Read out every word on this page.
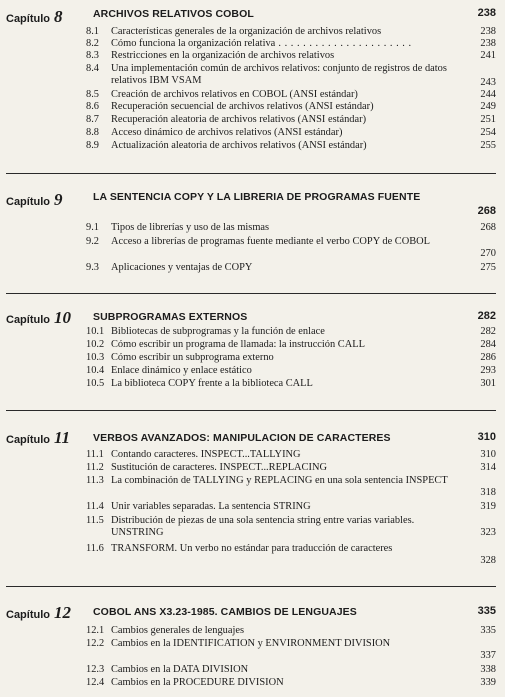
Capítulo 8	ARCHIVOS RELATIVOS COBOL	238
8.1	Características generales de la organización de archivos relativos	238
8.2	Cómo funciona la organización relativa . . .	238
8.3	Restricciones en la organización de archivos relativos	241
8.4	Una implementación común de archivos relativos: conjunto de registros de datos relativos IBM VSAM	243
8.5	Creación de archivos relativos en COBOL (ANSI estándar)	244
8.6	Recuperación secuencial de archivos relativos (ANSI estándar)	249
8.7	Recuperación aleatoria de archivos relativos (ANSI estándar)	251
8.8	Acceso dinámico de archivos relativos (ANSI estándar)	254
8.9	Actualización aleatoria de archivos relativos (ANSI estándar)	255
Capítulo 9	LA SENTENCIA COPY Y LA LIBRERIA DE PROGRAMAS FUENTE
268
9.1	Tipos de librerías y uso de las mismas	268
9.2	Acceso a librerías de programas fuente mediante el verbo COPY de COBOL
270
9.3	Aplicaciones y ventajas de COPY	275
Capítulo 10 SUBPROGRAMAS EXTERNOS	282
10.1 Bibliotecas de subprogramas y la función de enlace	282
10.2 Cómo escribir un programa de llamada: la instrucción CALL	284
10.3 Cómo escribir un subprograma externo	286
10.4 Enlace dinámico y enlace estático	293
10.5 La biblioteca COPY frente a la biblioteca CALL	301
Capítulo 11 VERBOS AVANZADOS: MANIPULACION DE CARACTERES	310
11.1 Contando caracteres. INSPECT...TALLYING	310
11.2 Sustitución de caracteres. INSPECT...REPLACING	314
11.3 La combinación de TALLYING y REPLACING en una sola sentencia INSPECT
318
11.4 Unir variables separadas. La sentencia STRING	319
11.5 Distribución de piezas de una sola sentencia string entre varias variables. UNSTRING	323
11.6 TRANSFORM. Un verbo no estándar para traducción de caracteres
328
Capítulo 12 COBOL ANS X3.23-1985. CAMBIOS DE LENGUAJES	335
12.1 Cambios generales de lenguajes	335
12.2 Cambios en la IDENTIFICATION y ENVIRONMENT DIVISION
337
12.3 Cambios en la DATA DIVISION	338
12.4 Cambios en la PROCEDURE DIVISION	339
